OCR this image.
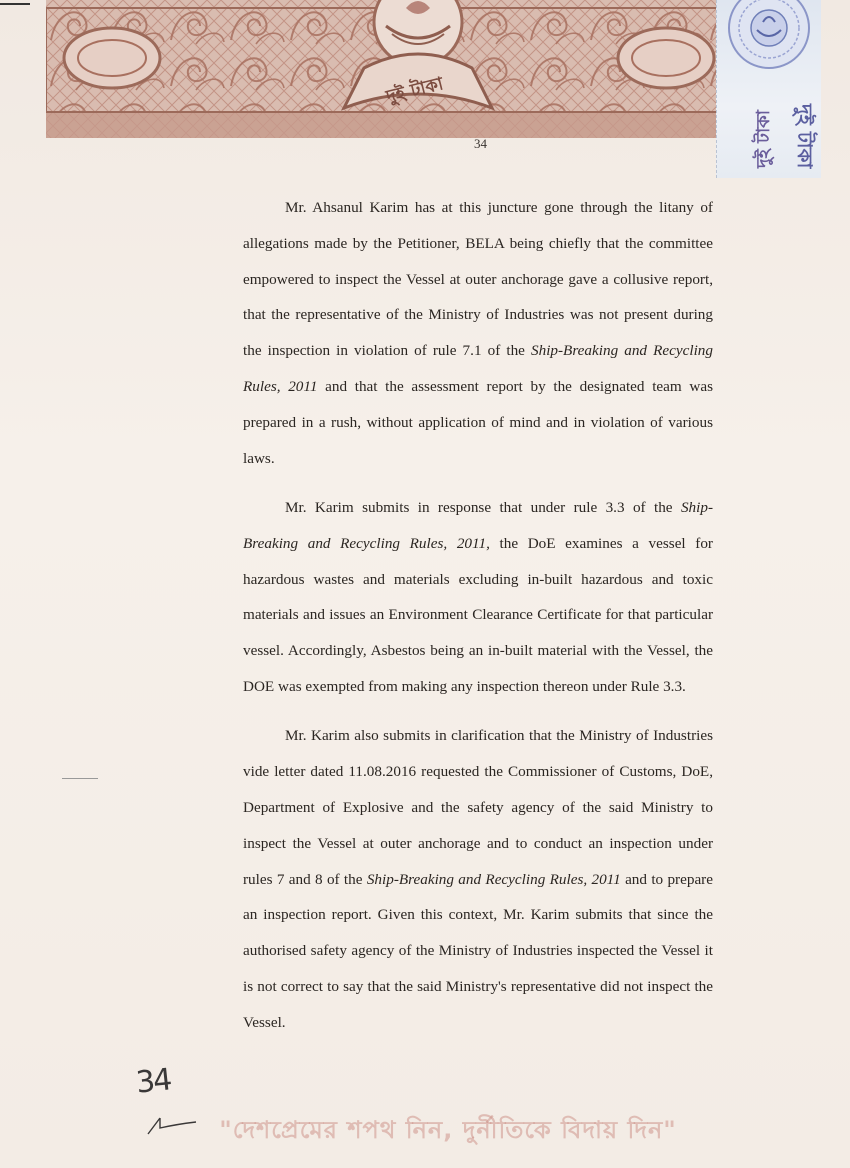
দুই টাকা
দুই টাকা দুই টাকা
34

Mr. Ahsanul Karim has at this juncture gone through the litany of allegations made by the Petitioner, BELA being chiefly that the committee empowered to inspect the Vessel at outer anchorage gave a collusive report, that the representative of the Ministry of Industries was not present during the inspection in violation of rule 7.1 of the Ship-Breaking and Recycling Rules, 2011 and that the assessment report by the designated team was prepared in a rush, without application of mind and in violation of various laws.

Mr. Karim submits in response that under rule 3.3 of the Ship-Breaking and Recycling Rules, 2011, the DoE examines a vessel for hazardous wastes and materials excluding in-built hazardous and toxic materials and issues an Environment Clearance Certificate for that particular vessel. Accordingly, Asbestos being an in-built material with the Vessel, the DOE was exempted from making any inspection thereon under Rule 3.3.

Mr. Karim also submits in clarification that the Ministry of Industries vide letter dated 11.08.2016 requested the Commissioner of Customs, DoE, Department of Explosive and the safety agency of the said Ministry to inspect the Vessel at outer anchorage and to conduct an inspection under rules 7 and 8 of the Ship-Breaking and Recycling Rules, 2011 and to prepare an inspection report. Given this context, Mr. Karim submits that since the authorised safety agency of the Ministry of Industries inspected the Vessel it is not correct to say that the said Ministry's representative did not inspect the Vessel.

34
"দেশপ্রেমের শপথ নিন, দুর্নীতিকে বিদায় দিন"
